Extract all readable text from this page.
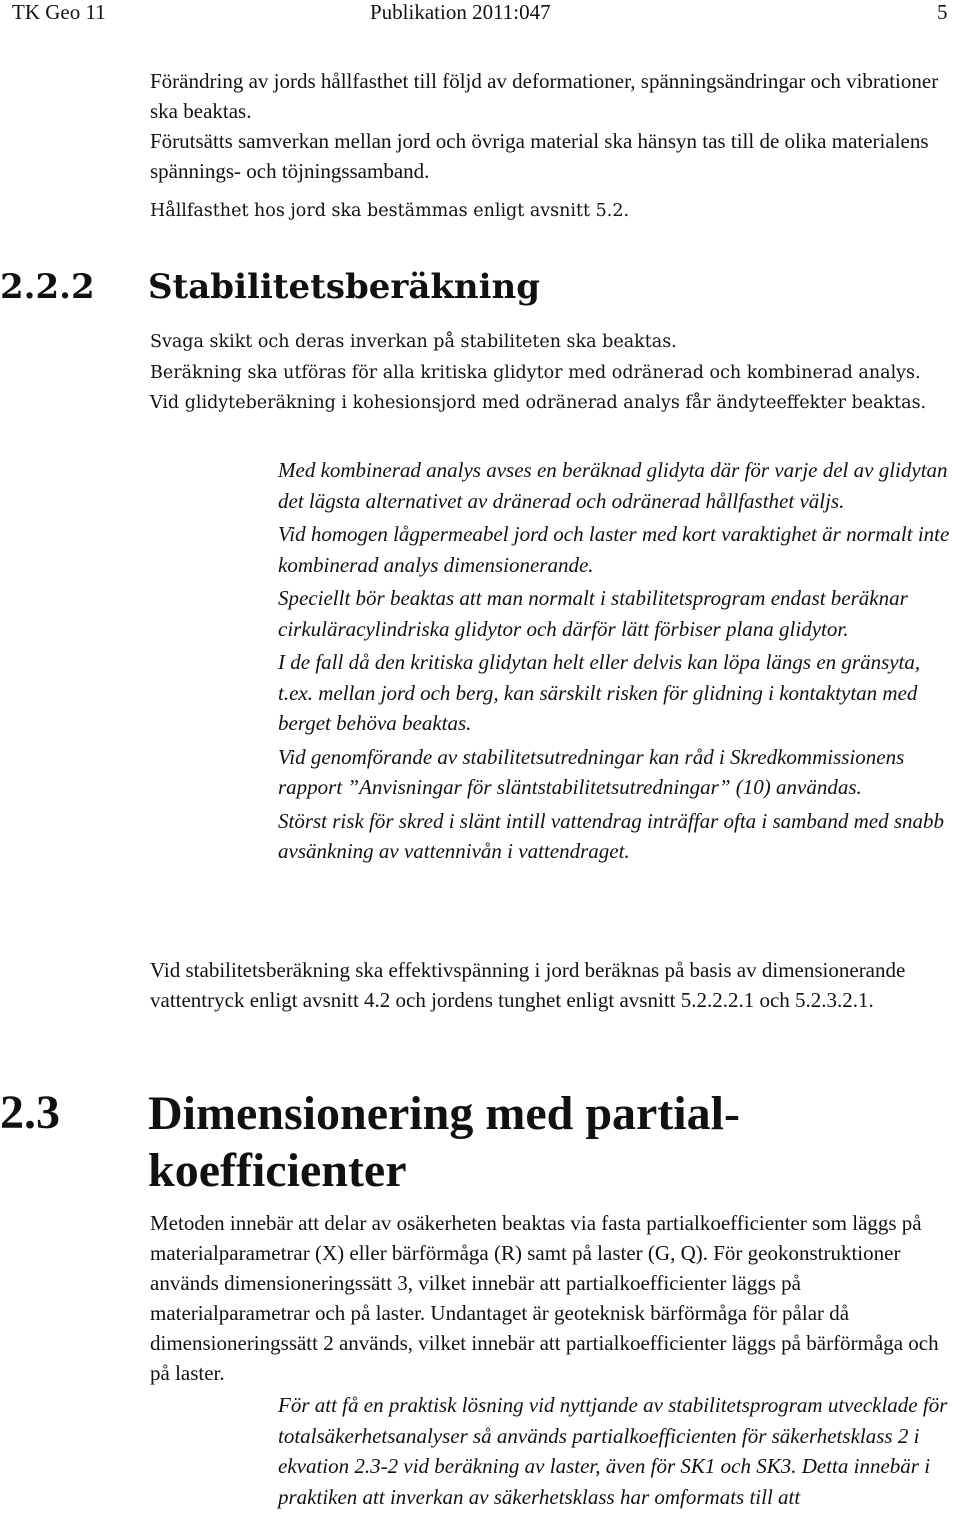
TK Geo 11	Publikation 2011:047	5

Förändring av jords hållfasthet till följd av deformationer, spänningsändringar och vibrationer ska beaktas.

Förutsätts samverkan mellan jord och övriga material ska hänsyn tas till de olika materialens spännings- och töjningssamband.

Hållfasthet hos jord ska bestämmas enligt avsnitt 5.2.

2.2.2 Stabilitetsberäkning

Svaga skikt och deras inverkan på stabiliteten ska beaktas.

Beräkning ska utföras för alla kritiska glidytor med odränerad och kombinerad analys. Vid glidyteberäkning i kohesionsjord med odränerad analys får ändyteeffekter beaktas.

Med kombinerad analys avses en beräknad glidyta där för varje del av glidytan det lägsta alternativet av dränerad och odränerad hållfasthet väljs.

Vid homogen lågpermeabel jord och laster med kort varaktighet är normalt inte kombinerad analys dimensionerande.

Speciellt bör beaktas att man normalt i stabilitetsprogram endast beräknar cirkuläracylindriska glidytor och därför lätt förbiser plana glidytor.

I de fall då den kritiska glidytan helt eller delvis kan löpa längs en gränsyta, t.ex. mellan jord och berg, kan särskilt risken för glidning i kontaktytan med berget behöva beaktas.

Vid genomförande av stabilitetsutredningar kan råd i Skredkommissionens rapport ”Anvisningar för släntstabilitetsutredningar” (10) användas.

Störst risk för skred i slänt intill vattendrag inträffar ofta i samband med snabb avsänkning av vattennivån i vattendraget.

Vid stabilitetsberäkning ska effektivspänning i jord beräknas på basis av dimensionerande vattentryck enligt avsnitt 4.2 och jordens tunghet enligt avsnitt 5.2.2.2.1 och 5.2.3.2.1.

2.3 Dimensionering med partial-koefficienter

Metoden innebär att delar av osäkerheten beaktas via fasta partialkoefficienter som läggs på materialparametrar (X) eller bärförmåga (R) samt på laster (G, Q). För geokonstruktioner används dimensioneringssätt 3, vilket innebär att partialkoefficienter läggs på materialparametrar och på laster. Undantaget är geoteknisk bärförmåga för pålar då dimensioneringssätt 2 används, vilket innebär att partialkoefficienter läggs på bärförmåga och på laster.

För att få en praktisk lösning vid nyttjande av stabilitetsprogram utvecklade för totalsäkerhetsanalyser så används partialkoefficienten för säkerhetsklass 2 i ekvation 2.3-2 vid beräkning av laster, även för SK1 och SK3. Detta innebär i praktiken att inverkan av säkerhetsklass har omformats till att
